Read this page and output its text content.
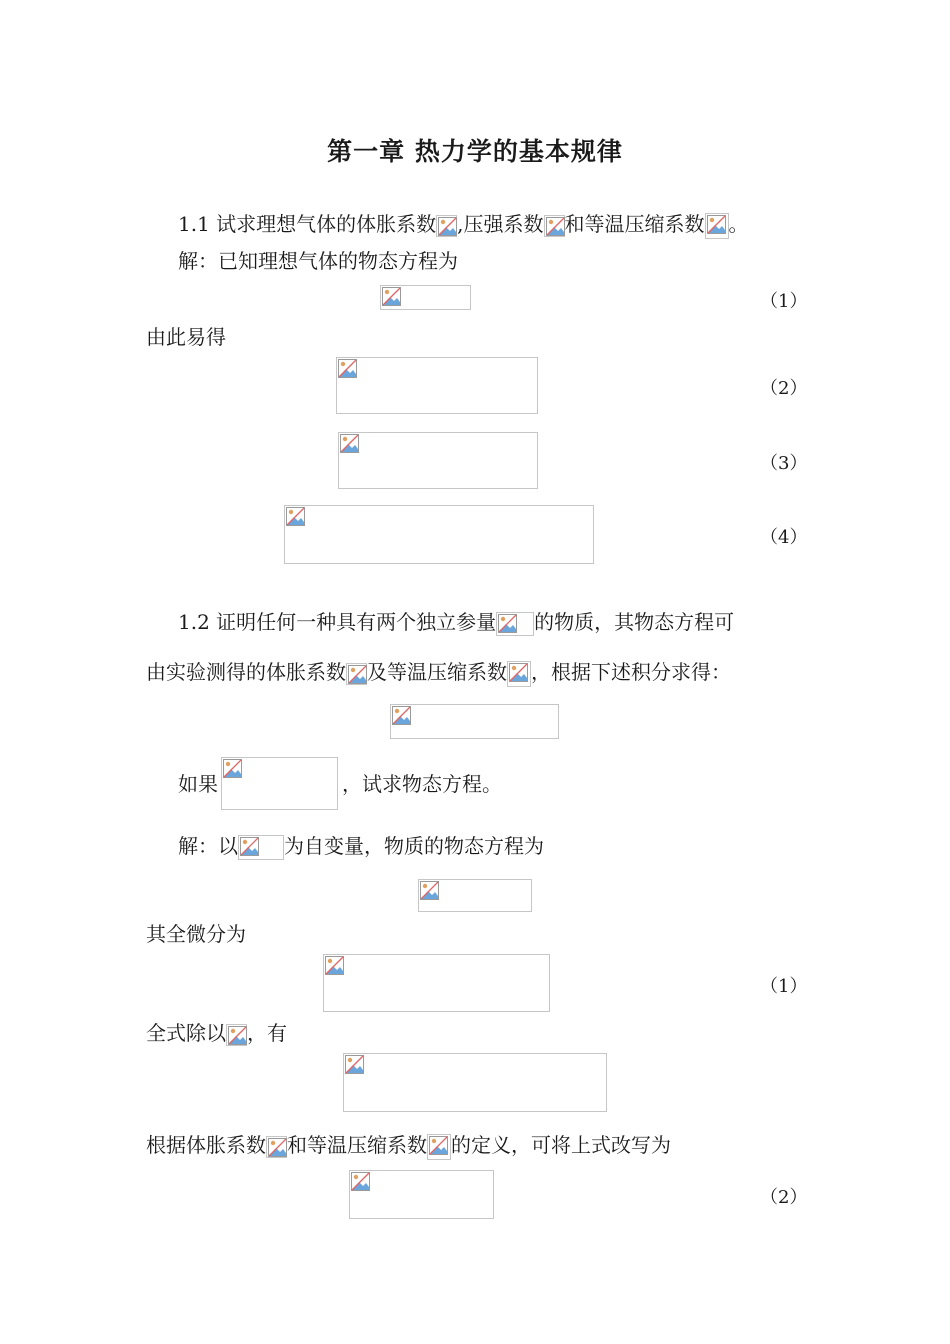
第一章 热力学的基本规律
1.1 试求理想气体的体胀系数 ,压强系数 和等温压缩系数 。
解：已知理想气体的物态方程为
（1）
由此易得
（2）
（3）
（4）
1.2 证明任何一种具有两个独立参量 的物质，其物态方程可
由实验测得的体胀系数 及等温压缩系数 ，根据下述积分求得：
如果	，试求物态方程。
解：以 为自变量，物质的物态方程为
其全微分为
（1）
全式除以 ，有
根据体胀系数 和等温压缩系数 的定义，可将上式改写为
（2）
